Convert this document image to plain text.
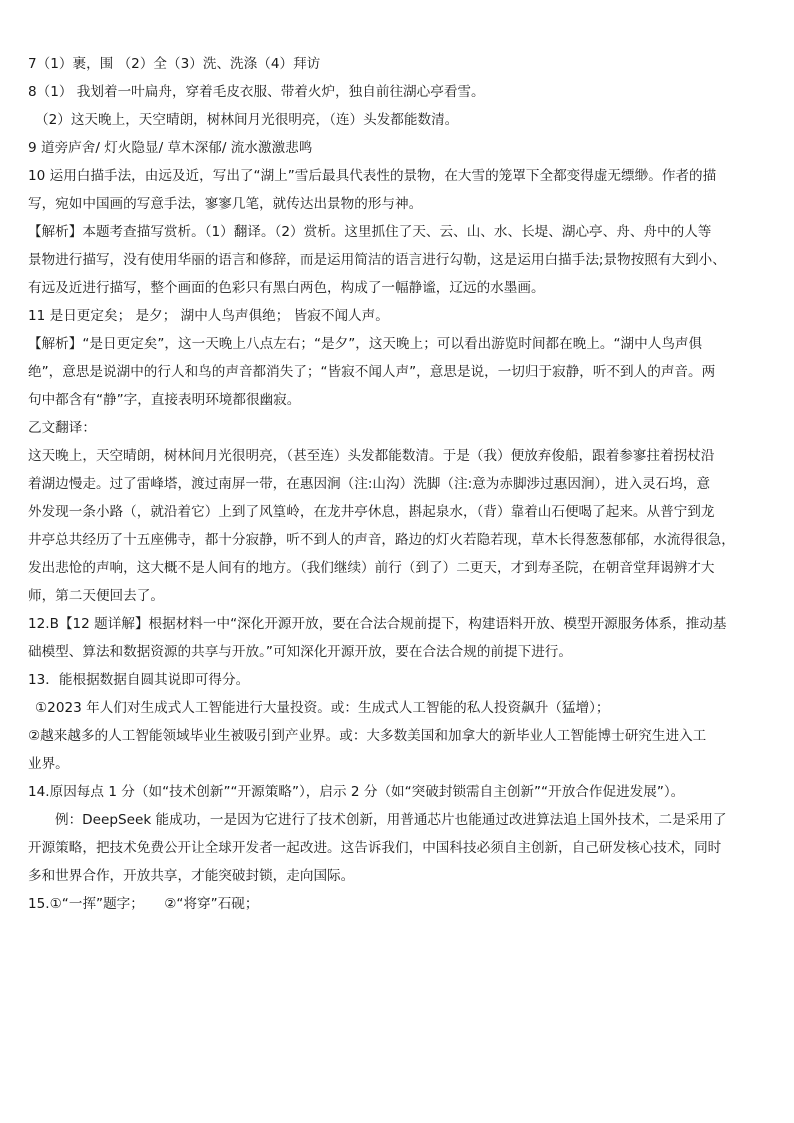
7（1）裹，围 （2）全（3）洗、洗涤（4）拜访
8（1） 我划着一叶扁舟，穿着毛皮衣服、带着火炉，独自前往湖心亭看雪。
（2）这天晚上，天空晴朗，树林间月光很明亮，（连）头发都能数清。
9 道旁庐舍/ 灯火隐显/ 草木深郁/ 流水激激悲鸣
10 运用白描手法，由远及近，写出了“湖上”雪后最具代表性的景物，在大雪的笼罩下全都变得虚无缥缈。作者的描
写，宛如中国画的写意手法，寥寥几笔，就传达出景物的形与神。
【解析】本题考查描写赏析。（1）翻译。（2）赏析。这里抓住了天、云、山、水、长堤、湖心亭、舟、舟中的人等
景物进行描写，没有使用华丽的语言和修辞，而是运用简洁的语言进行勾勒，这是运用白描手法;景物按照有大到小、
有远及近进行描写，整个画面的色彩只有黑白两色，构成了一幅静谧，辽远的水墨画。
11 是日更定矣； 是夕； 湖中人鸟声俱绝； 皆寂不闻人声。
【解析】“是日更定矣”，这一天晚上八点左右；“是夕”，这天晚上；可以看出游览时间都在晚上。“湖中人鸟声俱
绝”，意思是说湖中的行人和鸟的声音都消失了；“皆寂不闻人声”，意思是说，一切归于寂静，听不到人的声音。两
句中都含有“静”字，直接表明环境都很幽寂。
乙文翻译：
这天晚上，天空晴朗，树林间月光很明亮，（甚至连）头发都能数清。于是（我）便放弃俊船，跟着参寥拄着拐杖沿
着湖边慢走。过了雷峰塔，渡过南屏一带，在惠因涧（注:山沟）洗脚（注:意为赤脚涉过惠因涧），进入灵石坞，意
外发现一条小路（，就沿着它）上到了风篁岭，在龙井亭休息，斟起泉水，（背）靠着山石便喝了起来。从普宁到龙
井亭总共经历了十五座佛寺，都十分寂静，听不到人的声音，路边的灯火若隐若现，草木长得葱葱郁郁，水流得很急，
发出悲怆的声响，这大概不是人间有的地方。（我们继续）前行（到了）二更天，才到寿圣院，在朝音堂拜谒辨才大
师，第二天便回去了。
12.B【12 题详解】根据材料一中“深化开源开放，要在合法合规前提下，构建语料开放、模型开源服务体系，推动基
础模型、算法和数据资源的共享与开放。”可知深化开源开放，要在合法合规的前提下进行。
13．能根据数据自圆其说即可得分。
①2023 年人们对生成式人工智能进行大量投资。或：生成式人工智能的私人投资飙升（猛增）；
②越来越多的人工智能领域毕业生被吸引到产业界。或：大多数美国和加拿大的新毕业人工智能博士研究生进入工
业界。
14.原因每点 1 分（如“技术创新”“开源策略”），启示 2 分（如“突破封锁需自主创新”“开放合作促进发展”）。
例：DeepSeek 能成功，一是因为它进行了技术创新，用普通芯片也能通过改进算法追上国外技术，二是采用了
开源策略，把技术免费公开让全球开发者一起改进。这告诉我们，中国科技必须自主创新，自己研发核心技术，同时
多和世界合作，开放共享，才能突破封锁，走向国际。
15.①“一挥”题字；　　②“将穿”石砚；
